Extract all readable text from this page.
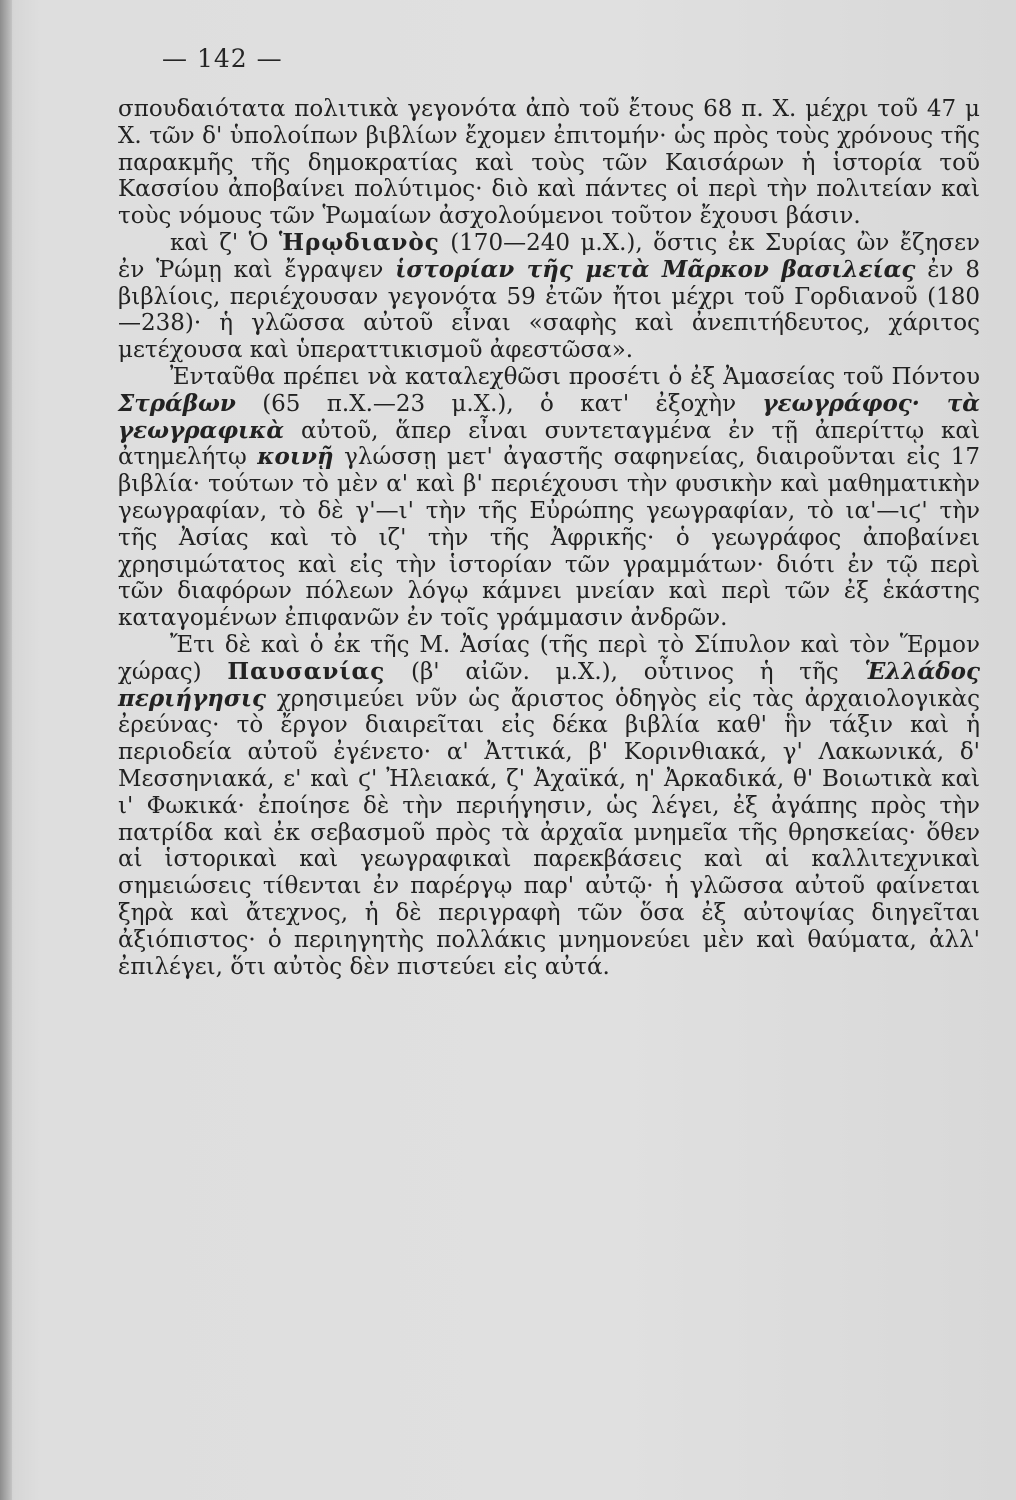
— 142 —

σπουδαιότατα πολιτικὰ γεγονότα ἀπὸ τοῦ ἔτους 68 π. Χ. μέχρι τοῦ 47 μ Χ. τῶν δ' ὑπολοίπων βιβλίων ἔχομεν ἐπιτομήν· ὡς πρὸς τοὺς χρόνους τῆς παρακμῆς τῆς δημοκρατίας καὶ τοὺς τῶν Καισάρων ἡ ἱστορία τοῦ Κασσίου ἀποβαίνει πολύτιμος· διὸ καὶ πάντες οἱ περὶ τὴν πολιτείαν καὶ τοὺς νόμους τῶν Ῥωμαίων ἀσχολούμενοι τοῦτον ἔχουσι βάσιν.

καὶ ζ' Ὁ Ἡρῳδιανὸς (170—240 μ.Χ.), ὅστις ἐκ Συρίας ὢν ἔζησεν ἐν Ῥώμῃ καὶ ἔγραψεν ἱστορίαν τῆς μετὰ Μᾶρκον βασιλείας ἐν 8 βιβλίοις, περιέχουσαν γεγονότα 59 ἐτῶν ἤτοι μέχρι τοῦ Γορδιανοῦ (180—238)· ἡ γλῶσσα αὐτοῦ εἶναι «σαφὴς καὶ ἀνεπιτήδευτος, χάριτος μετέχουσα καὶ ὑπεραττικισμοῦ ἀφεστῶσα».

Ἐνταῦθα πρέπει νὰ καταλεχθῶσι προσέτι ὁ ἐξ Ἀμασείας τοῦ Πόντου Στράβων (65 π.Χ.—23 μ.Χ.), ὁ κατ' ἐξοχὴν γεωγράφος· τὰ γεωγραφικὰ αὐτοῦ, ἅπερ εἶναι συντεταγμένα ἐν τῇ ἀπερίττῳ καὶ ἀτημελήτῳ κοινῇ γλώσσῃ μετ' ἀγαστῆς σαφηνείας, διαιροῦνται εἰς 17 βιβλία· τούτων τὸ μὲν α' καὶ β' περιέχουσι τὴν φυσικὴν καὶ μαθηματικὴν γεωγραφίαν, τὸ δὲ γ'—ι' τὴν τῆς Εὐρώπης γεωγραφίαν, τὸ ια'—ιϛ' τὴν τῆς Ἀσίας καὶ τὸ ιζ' τὴν τῆς Ἀφρικῆς· ὁ γεωγράφος ἀποβαίνει χρησιμώτατος καὶ εἰς τὴν ἱστορίαν τῶν γραμμάτων· διότι ἐν τῷ περὶ τῶν διαφόρων πόλεων λόγῳ κάμνει μνείαν καὶ περὶ τῶν ἐξ ἑκάστης καταγομένων ἐπιφανῶν ἐν τοῖς γράμμασιν ἀνδρῶν.

Ἔτι δὲ καὶ ὁ ἐκ τῆς Μ. Ἀσίας (τῆς περὶ τὸ Σίπυλον καὶ τὸν Ἕρμον χώρας) Παυσανίας (β' αἰῶν. μ.Χ.), οὗτινος ἡ τῆς Ἑλλάδος περιήγησις χρησιμεύει νῦν ὡς ἄριστος ὁδηγὸς εἰς τὰς ἀρχαιολογικὰς ἐρεύνας· τὸ ἔργον διαιρεῖται εἰς δέκα βιβλία καθ' ἣν τάξιν καὶ ἡ περιοδεία αὐτοῦ ἐγένετο· α' Ἀττικά, β' Κορινθιακά, γ' Λακωνικά, δ' Μεσσηνιακά, ε' καὶ ϛ' Ἠλειακά, ζ' Ἀχαϊκά, η' Ἀρκαδικά, θ' Βοιωτικὰ καὶ ι' Φωκικά· ἐποίησε δὲ τὴν περιήγησιν, ὡς λέγει, ἐξ ἀγάπης πρὸς τὴν πατρίδα καὶ ἐκ σεβασμοῦ πρὸς τὰ ἀρχαῖα μνημεῖα τῆς θρησκείας· ὅθεν αἱ ἱστορικαὶ καὶ γεωγραφικαὶ παρεκβάσεις καὶ αἱ καλλιτεχνικαὶ σημειώσεις τίθενται ἐν παρέργῳ παρ' αὐτῷ· ἡ γλῶσσα αὐτοῦ φαίνεται ξηρὰ καὶ ἄτεχνος, ἡ δὲ περιγραφὴ τῶν ὅσα ἐξ αὐτοψίας διηγεῖται ἀξιόπιστος· ὁ περιηγητὴς πολλάκις μνημονεύει μὲν καὶ θαύματα, ἀλλ' ἐπιλέγει, ὅτι αὐτὸς δὲν πιστεύει εἰς αὐτά.
